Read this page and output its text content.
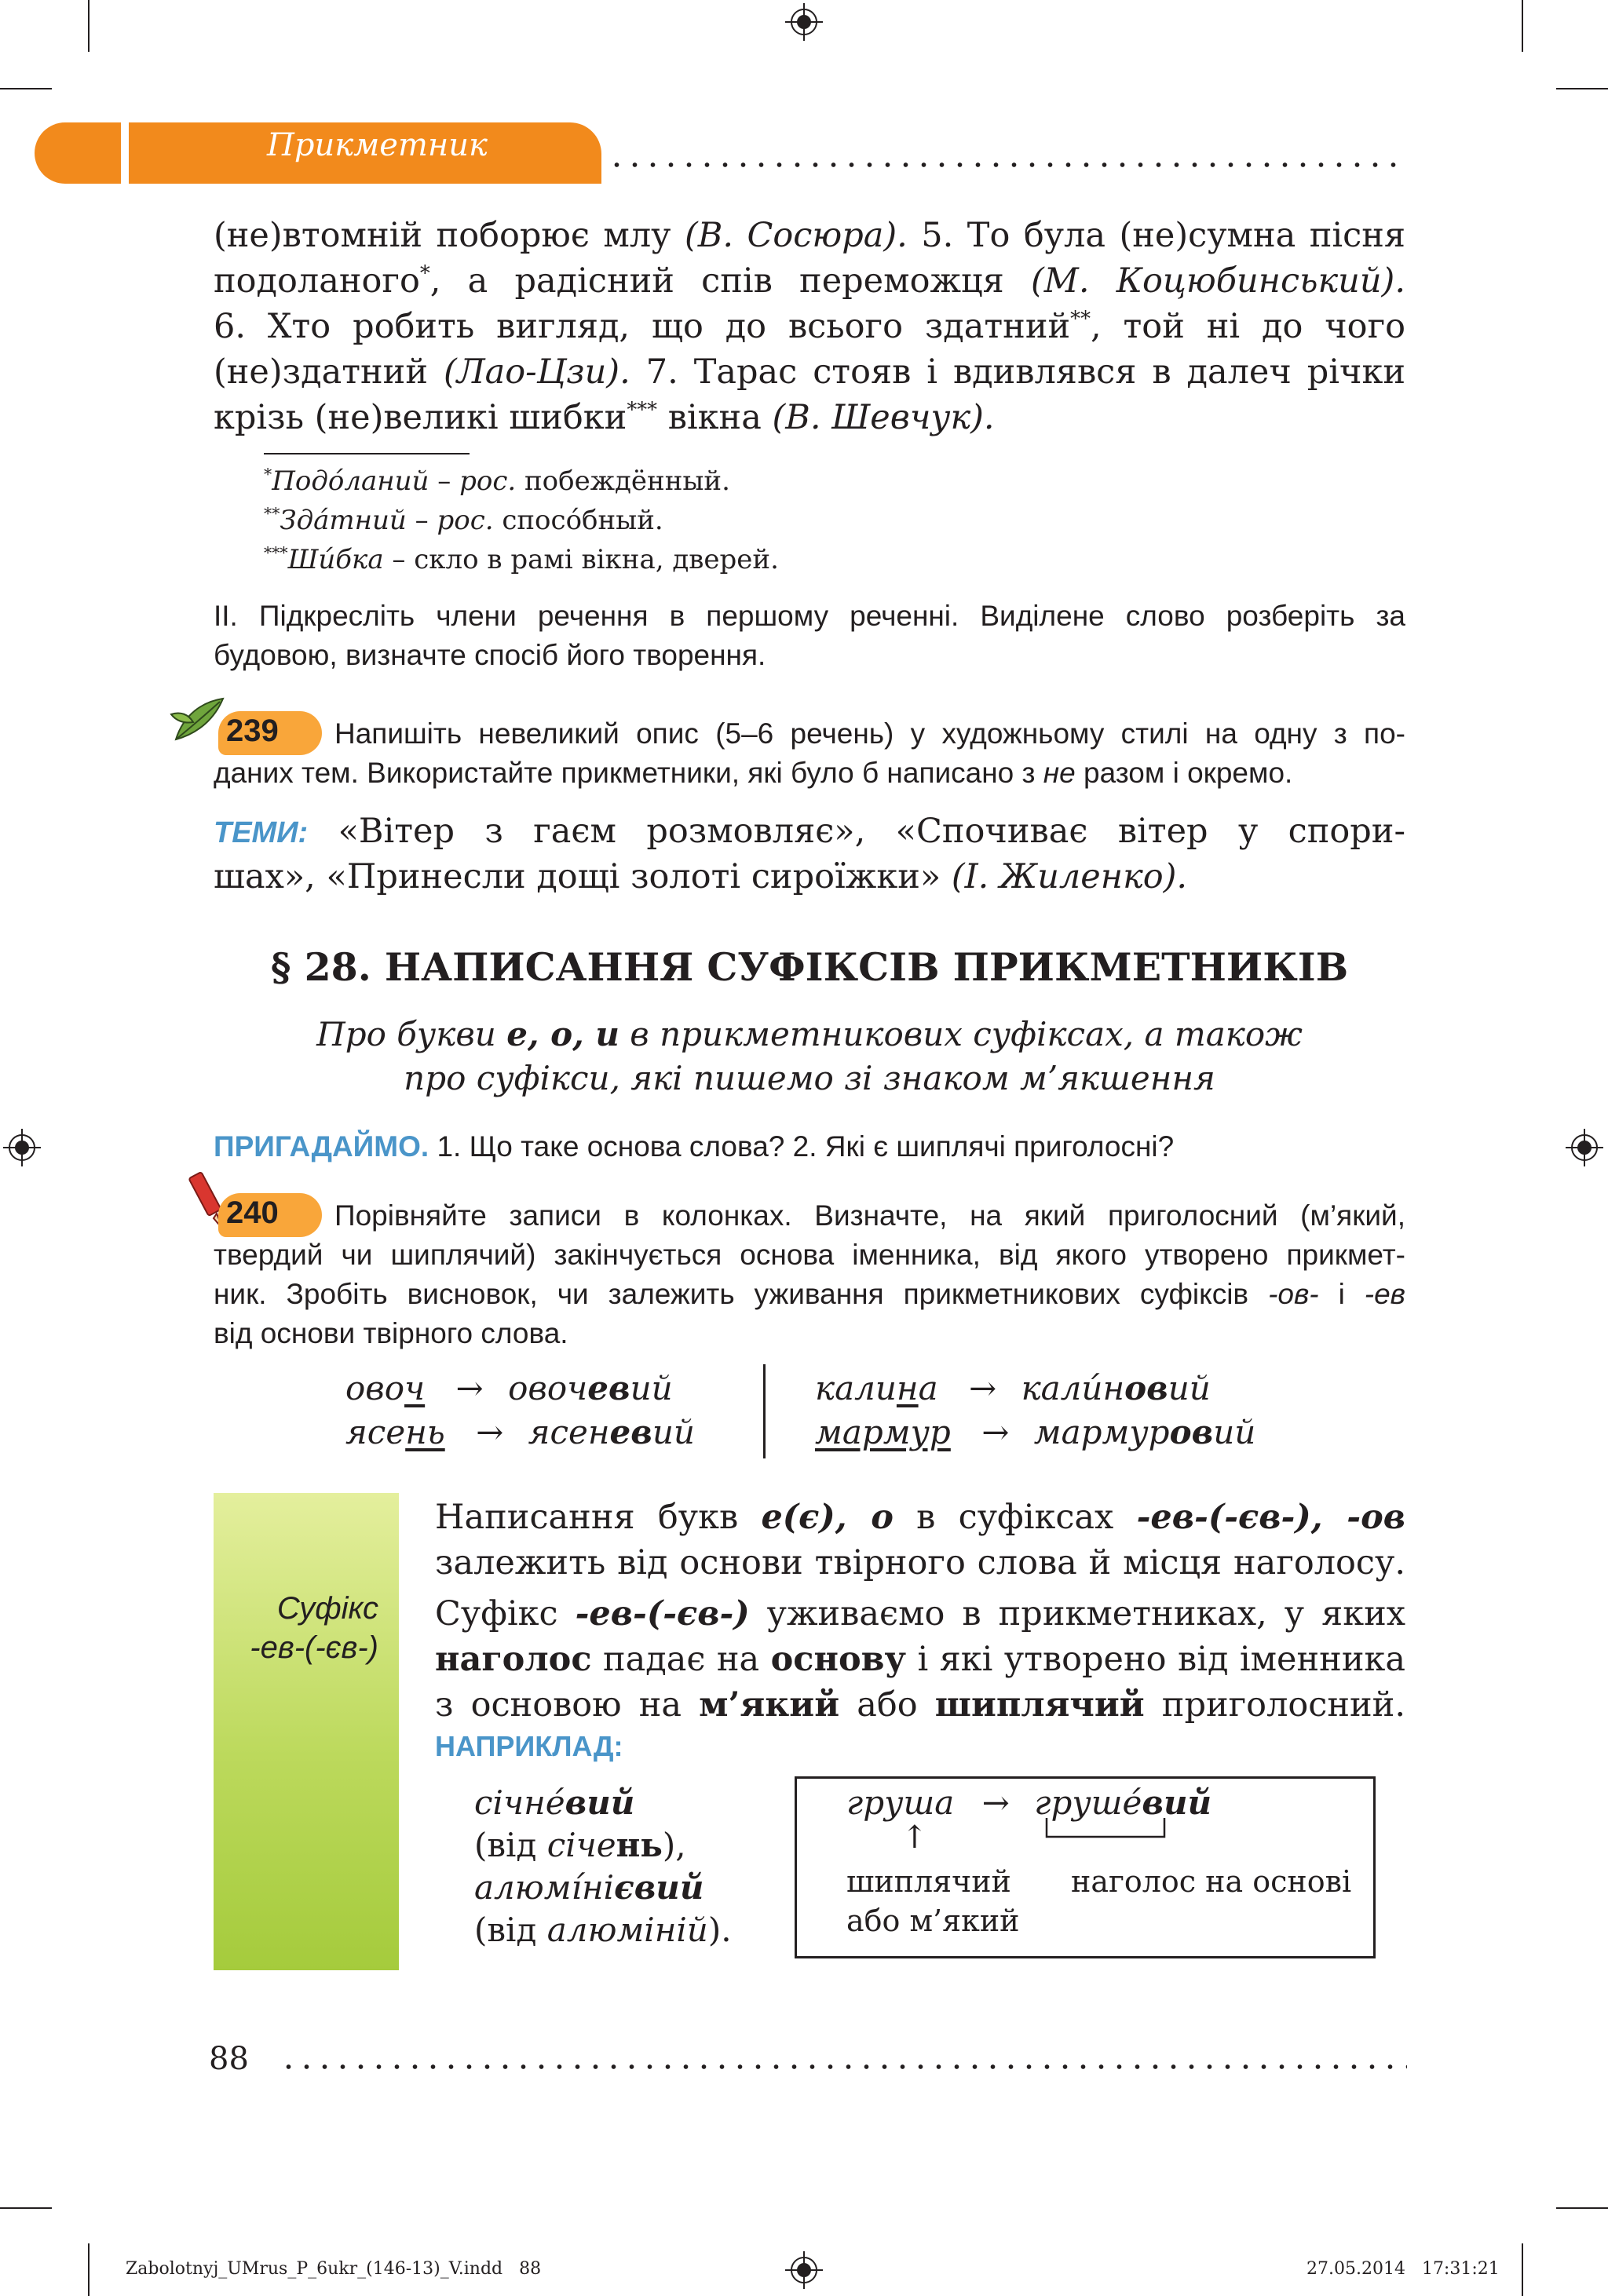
Прикметник
(не)втомній поборює млу (В. Сосюра). 5. То була (не)сумна пісня
подоланого*, а радісний спів переможця (М. Коцюбинський).
6. Хто робить вигляд, що до всього здатний**, той ні до чого
(не)здатний (Лао-Цзи). 7. Тарас стояв і вдивлявся в далеч річки
крізь (не)великі шибки*** вікна (В. Шевчук).
*Подо́ланий – рос. побеждённый.
**Зда́тний – рос. спосо́бный.
***Ши́бка – скло в рамі вікна, дверей.
ІІ. Підкресліть члени речення в першому реченні. Виділене слово розберіть за
будовою, визначте спосіб його творення.
239 Напишіть невеликий опис (5–6 речень) у художньому стилі на одну з по-
даних тем. Використайте прикметники, які було б написано з не разом і окремо.
ТЕМИ: «Вітер з гаєм розмовляє», «Спочиває вітер у спори-
шах», «Принесли дощі золоті сироїжки» (І. Жиленко).
§ 28. НАПИСАННЯ СУФІКСІВ ПРИКМЕТНИКІВ
Про букви е, о, и в прикметникових суфіксах, а також
про суфікси, які пишемо зі знаком м’якшення
ПРИГАДАЙМО. 1. Що таке основа слова? 2. Які є шиплячі приголосні?
240 Порівняйте записи в колонках. Визначте, на який приголосний (м’який,
твердий чи шиплячий) закінчується основа іменника, від якого утворено прикмет-
ник. Зробіть висновок, чи залежить уживання прикметникових суфіксів -ов- і -ев
від основи твірного слова.
овоч → овочевий
ясень → ясеневий
калина → калúновий
мармур → мармуровий
Суфікс
-ев-(-єв-)
Написання букв е(є), о в суфіксах -ев-(-єв-), -ов
залежить від основи твірного слова й місця наголосу.
Суфікс -ев-(-єв-) уживаємо в прикметниках, у яких
наголос падає на основу і які утворено від іменника
з основою на м’який або шиплячий приголосний.
НАПРИКЛАД:
січне́вий
(від січень),
алюмі́нієвий
(від алюміній).
груша → груше́вий
↑
шиплячий
або м’який
наголос на основі
88
Zabolotnyj_UMrus_P_6ukr_(146-13)_V.indd   88	27.05.2014   17:31:21
